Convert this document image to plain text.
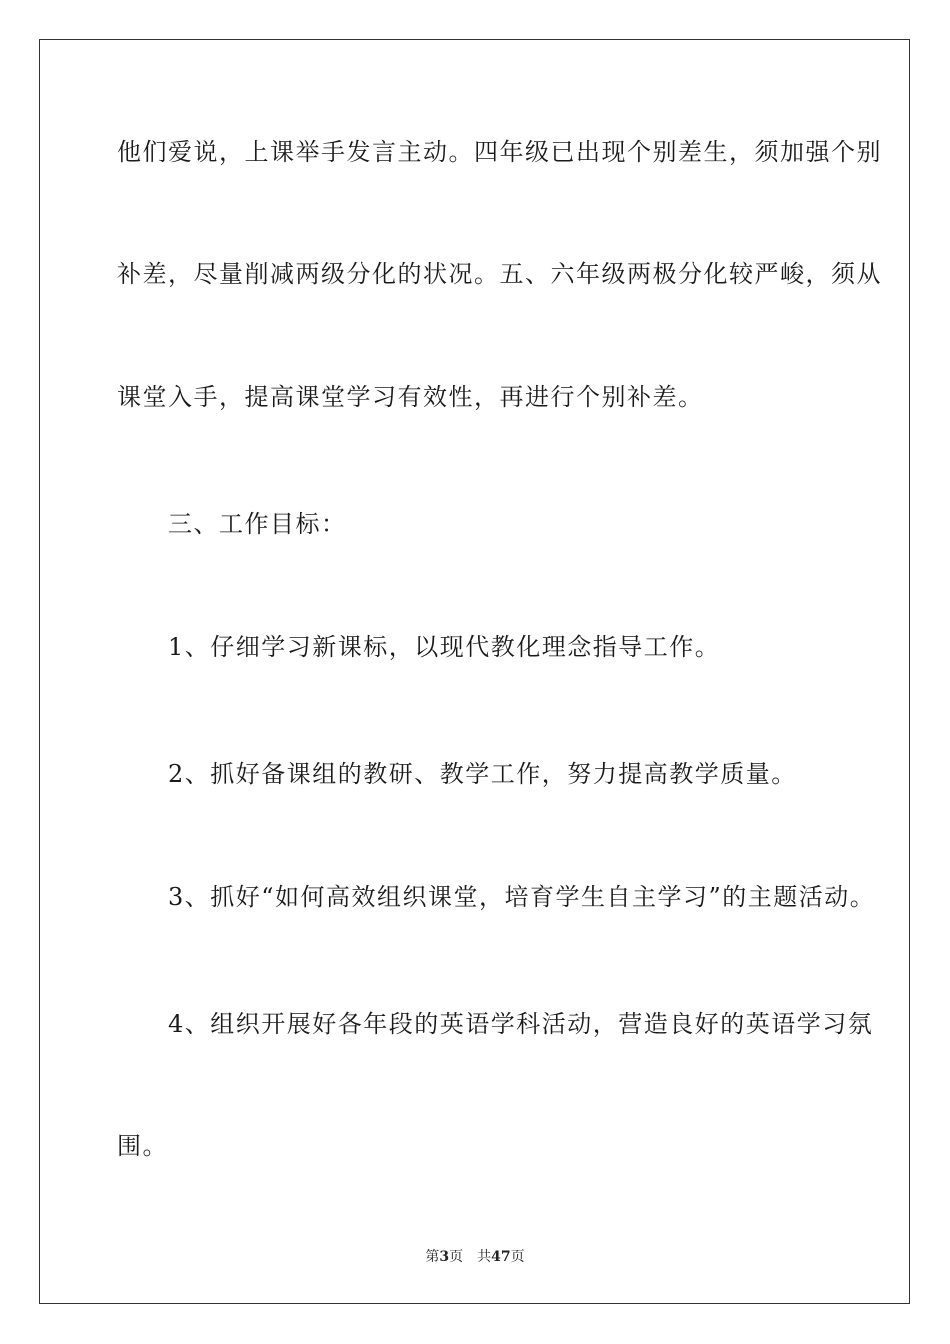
他们爱说，上课举手发言主动。四年级已出现个别差生，须加强个别
补差，尽量削减两级分化的状况。五、六年级两极分化较严峻，须从
课堂入手，提高课堂学习有效性，再进行个别补差。
　　三、工作目标：
　　1、仔细学习新课标，以现代教化理念指导工作。
　　2、抓好备课组的教研、教学工作，努力提高教学质量。
　　3、抓好“如何高效组织课堂，培育学生自主学习”的主题活动。
　　4、组织开展好各年段的英语学科活动，营造良好的英语学习氛
围。
第3页 共47页
